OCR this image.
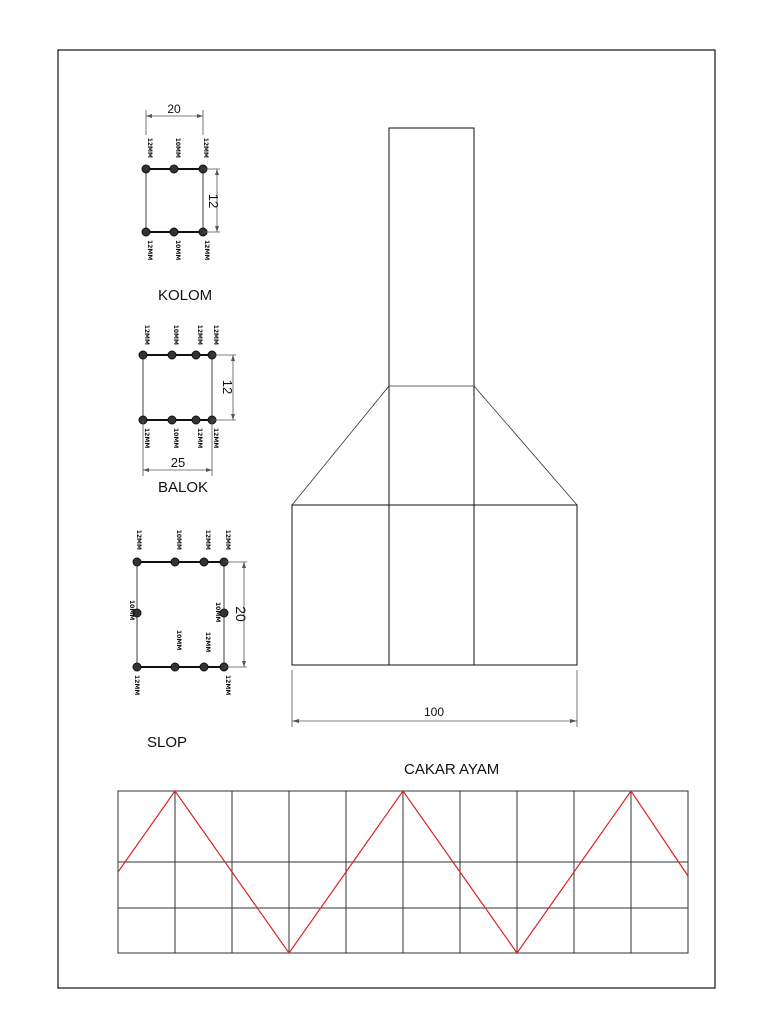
20
12MM	10MM	12MM
12
12MM	10MM	12MM
KOLOM
12MM	10MM	12MM 12MM
12
12MM	10MM	12MM 12MM
25
BALOK
12MM	10MM	12MM 12MM
10MM	10MM
10MM	12MM
12MM	12MM
20
SLOP
100
CAKAR AYAM
